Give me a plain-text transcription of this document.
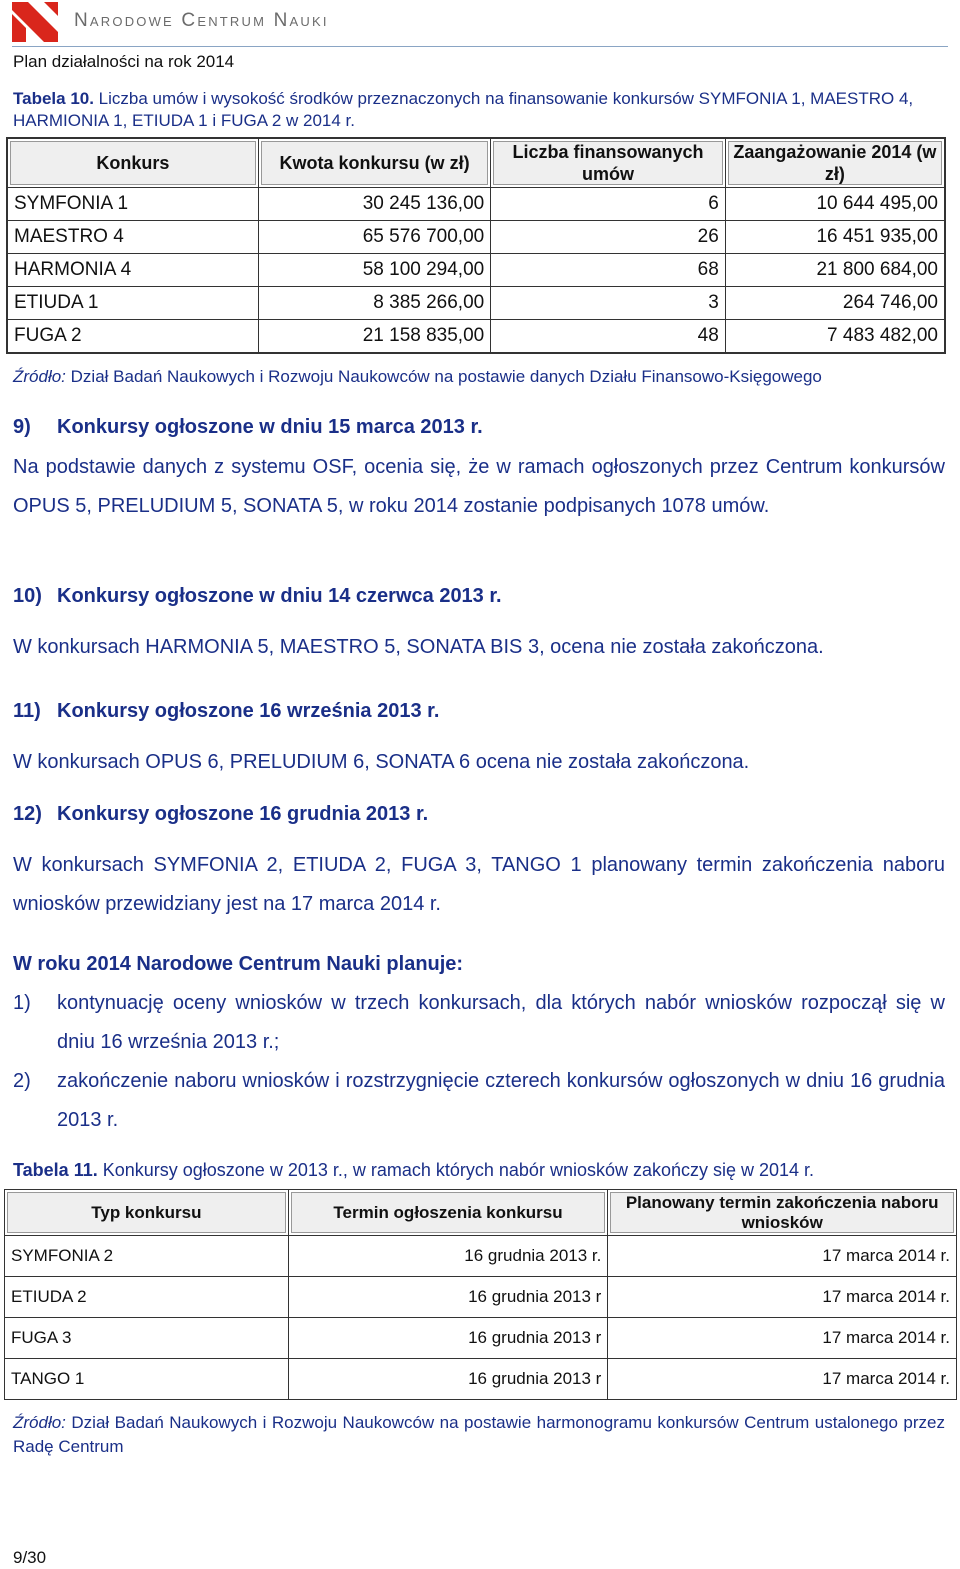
Narodowe Centrum Nauki
Plan działalności na rok 2014
Tabela 10. Liczba umów i wysokość środków przeznaczonych na finansowanie konkursów SYMFONIA 1, MAESTRO 4, HARMIONIA 1, ETIUDA 1 i FUGA 2 w 2014 r.
Konkurs	Kwota konkursu (w zł)	Liczba finansowanych umów	Zaangażowanie 2014 (w zł)
SYMFONIA 1	30 245 136,00	6	10 644 495,00
MAESTRO 4	65 576 700,00	26	16 451 935,00
HARMONIA 4	58 100 294,00	68	21 800 684,00
ETIUDA 1	8 385 266,00	3	264 746,00
FUGA 2	21 158 835,00	48	7 483 482,00
Źródło: Dział Badań Naukowych i Rozwoju Naukowców na postawie danych Działu Finansowo-Księgowego
9) Konkursy ogłoszone w dniu 15 marca 2013 r.
Na podstawie danych z systemu OSF, ocenia się, że w ramach ogłoszonych przez Centrum konkursów OPUS 5, PRELUDIUM 5, SONATA 5, w roku 2014 zostanie podpisanych 1078 umów.
10) Konkursy ogłoszone w dniu 14 czerwca 2013 r.
W konkursach HARMONIA 5, MAESTRO 5, SONATA BIS 3, ocena nie została zakończona.
11) Konkursy ogłoszone 16 września 2013 r.
W konkursach OPUS 6, PRELUDIUM 6, SONATA 6 ocena nie została zakończona.
12) Konkursy ogłoszone 16 grudnia 2013 r.
W konkursach SYMFONIA 2, ETIUDA 2, FUGA 3, TANGO 1 planowany termin zakończenia naboru wniosków przewidziany jest na 17 marca 2014 r.
W roku 2014 Narodowe Centrum Nauki planuje:
1) kontynuację oceny wniosków w trzech konkursach, dla których nabór wniosków rozpoczął się w dniu 16 września 2013 r.;
2) zakończenie naboru wniosków i rozstrzygnięcie czterech konkursów ogłoszonych w dniu 16 grudnia 2013 r.
Tabela 11. Konkursy ogłoszone w 2013 r., w ramach których nabór wniosków zakończy się w 2014 r.
Typ konkursu	Termin ogłoszenia konkursu	Planowany termin zakończenia naboru wniosków
SYMFONIA 2	16 grudnia 2013 r.	17 marca 2014 r.
ETIUDA 2	16 grudnia 2013 r	17 marca 2014 r.
FUGA 3	16 grudnia 2013 r	17 marca 2014 r.
TANGO 1	16 grudnia 2013 r	17 marca 2014 r.
Źródło: Dział Badań Naukowych i Rozwoju Naukowców na postawie harmonogramu konkursów Centrum ustalonego przez Radę Centrum
9/30
